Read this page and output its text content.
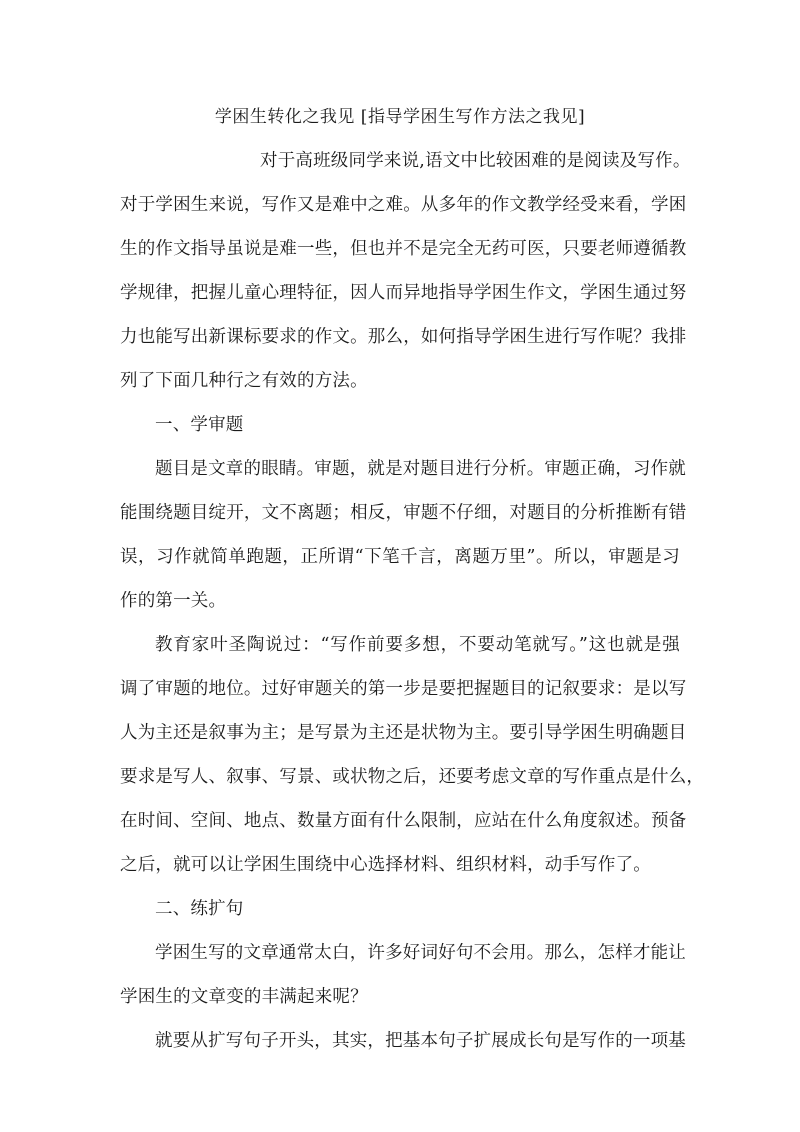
学困生转化之我见 [指导学困生写作方法之我见]
对于高班级同学来说,语文中比较困难的是阅读及写作。
对于学困生来说，写作又是难中之难。从多年的作文教学经受来看，学困
生的作文指导虽说是难一些，但也并不是完全无药可医，只要老师遵循教
学规律，把握儿童心理特征，因人而异地指导学困生作文，学困生通过努
力也能写出新课标要求的作文。那么，如何指导学困生进行写作呢？我排
列了下面几种行之有效的方法。
一、学审题
题目是文章的眼睛。审题，就是对题目进行分析。审题正确，习作就
能围绕题目绽开，文不离题；相反，审题不仔细，对题目的分析推断有错
误，习作就简单跑题，正所谓“下笔千言，离题万里”。所以，审题是习
作的第一关。
教育家叶圣陶说过：“写作前要多想，不要动笔就写。”这也就是强
调了审题的地位。过好审题关的第一步是要把握题目的记叙要求：是以写
人为主还是叙事为主；是写景为主还是状物为主。要引导学困生明确题目
要求是写人、叙事、写景、或状物之后，还要考虑文章的写作重点是什么，
在时间、空间、地点、数量方面有什么限制，应站在什么角度叙述。预备
之后，就可以让学困生围绕中心选择材料、组织材料，动手写作了。
二、练扩句
学困生写的文章通常太白，许多好词好句不会用。那么，怎样才能让
学困生的文章变的丰满起来呢？
就要从扩写句子开头，其实，把基本句子扩展成长句是写作的一项基
